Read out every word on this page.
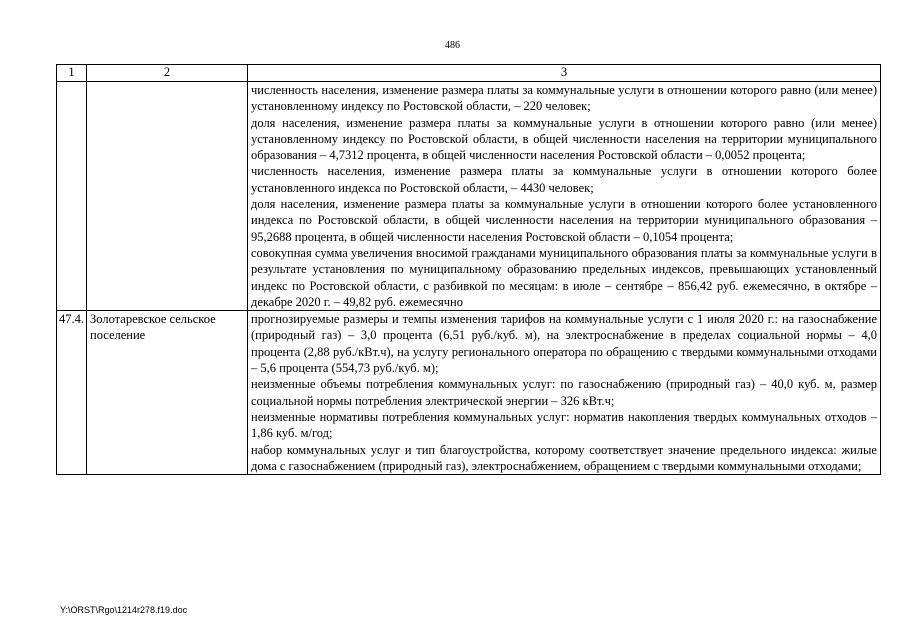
486
1	2	3

		численность населения, изменение размера платы за коммунальные услуги в отношении которого равно (или менее) установленному индексу по Ростовской области, – 220 человек;

доля населения, изменение размера платы за коммунальные услуги в отношении которого равно (или менее) установленному индексу по Ростовской области, в общей численности населения на территории муниципального образования – 4,7312 процента, в общей численности населения Ростовской области – 0,0052 процента;

численность населения, изменение размера платы за коммунальные услуги в отношении которого более установленного индекса по Ростовской области, – 4430 человек;

доля населения, изменение размера платы за коммунальные услуги в отношении которого более установленного индекса по Ростовской области, в общей численности населения на территории муниципального образования – 95,2688 процента, в общей численности населения Ростовской области – 0,1054 процента;

совокупная сумма увеличения вносимой гражданами муниципального образования платы за коммунальные услуги в результате установления по муниципальному образованию предельных индексов, превышающих установленный индекс по Ростовской области, с разбивкой по месяцам: в июле – сентябре – 856,42 руб. ежемесячно, в октябре – декабре 2020 г. – 49,82 руб. ежемесячно

47.4.	Золотаревское сельское поселение	прогнозируемые размеры и темпы изменения тарифов на коммунальные услуги с 1 июля 2020 г.: на газоснабжение (природный газ) – 3,0 процента (6,51 руб./куб. м), на электроснабжение в пределах социальной нормы – 4,0 процента (2,88 руб./кВт.ч), на услугу регионального оператора по обращению с твердыми коммунальными отходами – 5,6 процента (554,73 руб./куб. м);

неизменные объемы потребления коммунальных услуг: по газоснабжению (природный газ) – 40,0 куб. м, размер социальной нормы потребления электрической энергии – 326 кВт.ч;

неизменные нормативы потребления коммунальных услуг: норматив накопления твердых коммунальных отходов – 1,86 куб. м/год;

набор коммунальных услуг и тип благоустройства, которому соответствует значение предельного индекса: жилые дома с газоснабжением (природный газ), электроснабжением, обращением с твердыми коммунальными отходами;

Y:\ORST\Rgo\1214r278.f19.doc
